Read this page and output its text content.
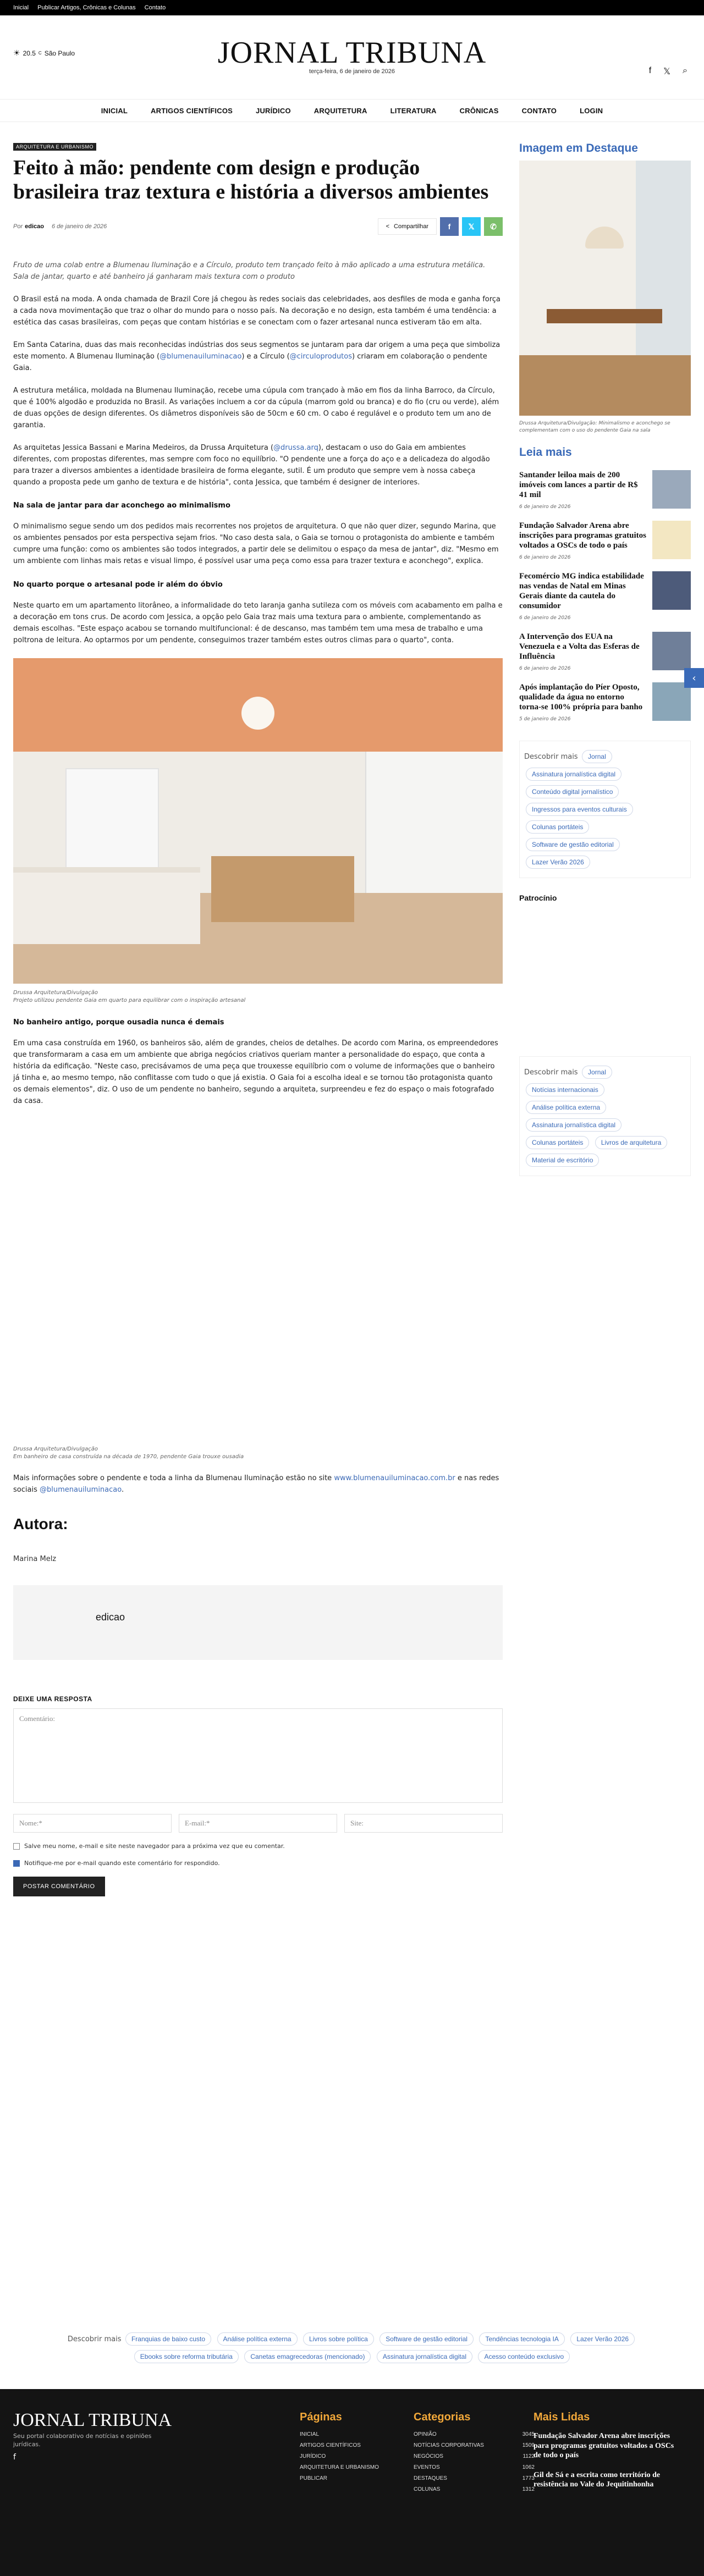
Inicial Publicar Artigos, Crônicas e Colunas Contato
☀ 20.5 C São Paulo	JORNAL TRIBUNA
f 𝕏 ⌕
terça-feira, 6 de janeiro de 2026
INICIAL	ARTIGOS CIENTÍFICOS	JURÍDICO	ARQUITETURA	LITERATURA	CRÔNICAS	CONTATO	LOGIN
ARQUITETURA E URBANISMO
Feito à mão: pendente com design e produção brasileira traz textura e história a diversos ambientes
Por edicao 6 de janeiro de 2026	< Compartilhar	f	𝕏	✆

Fruto de uma colab entre a Blumenau Iluminação e a Círculo, produto tem trançado feito à mão aplicado a uma estrutura metálica. Sala de jantar, quarto e até banheiro já ganharam mais textura com o produto

O Brasil está na moda. A onda chamada de Brazil Core já chegou às redes sociais das celebridades, aos desfiles de moda e ganha força a cada nova movimentação que traz o olhar do mundo para o nosso país. Na decoração e no design, esta também é uma tendência: a estética das casas brasileiras, com peças que contam histórias e se conectam com o fazer artesanal nunca estiveram tão em alta.

Em Santa Catarina, duas das mais reconhecidas indústrias dos seus segmentos se juntaram para dar origem a uma peça que simboliza este momento. A Blumenau Iluminação (@blumenauiluminacao) e a Círculo (@circuloprodutos) criaram em colaboração o pendente Gaia.

A estrutura metálica, moldada na Blumenau Iluminação, recebe uma cúpula com trançado à mão em fios da linha Barroco, da Círculo, que é 100% algodão e produzida no Brasil. As variações incluem a cor da cúpula (marrom gold ou branca) e do fio (cru ou verde), além de duas opções de design diferentes. Os diâmetros disponíveis são de 50cm e 60 cm. O cabo é regulável e o produto tem um ano de garantia.

As arquitetas Jessica Bassani e Marina Medeiros, da Drussa Arquitetura (@drussa.arq), destacam o uso do Gaia em ambientes diferentes, com propostas diferentes, mas sempre com foco no equilíbrio. "O pendente une a força do aço e a delicadeza do algodão para trazer a diversos ambientes a identidade brasileira de forma elegante, sutil. É um produto que sempre vem à nossa cabeça quando a proposta pede um ganho de textura e de história", conta Jessica, que também é designer de interiores.

Na sala de jantar para dar aconchego ao minimalismo

O minimalismo segue sendo um dos pedidos mais recorrentes nos projetos de arquitetura. O que não quer dizer, segundo Marina, que os ambientes pensados por esta perspectiva sejam frios. "No caso desta sala, o Gaia se tornou o protagonista do ambiente e também cumpre uma função: como os ambientes são todos integrados, a partir dele se delimitou o espaço da mesa de jantar", diz. "Mesmo em um ambiente com linhas mais retas e visual limpo, é possível usar uma peça como essa para trazer textura e aconchego", explica.

No quarto porque o artesanal pode ir além do óbvio

Neste quarto em um apartamento litorâneo, a informalidade do teto laranja ganha sutileza com os móveis com acabamento em palha e a decoração em tons crus. De acordo com Jessica, a opção pelo Gaia traz mais uma textura para o ambiente, complementando as demais escolhas. "Este espaço acabou se tornando multifuncional: é de descanso, mas também tem uma mesa de trabalho e uma poltrona de leitura. Ao optarmos por um pendente, conseguimos trazer também estes outros climas para o quarto", conta.

Drussa Arquitetura/Divulgação
Projeto utilizou pendente Gaia em quarto para equilibrar com o inspiração artesanal

No banheiro antigo, porque ousadia nunca é demais

Em uma casa construída em 1960, os banheiros são, além de grandes, cheios de detalhes. De acordo com Marina, os empreendedores que transformaram a casa em um ambiente que abriga negócios criativos queriam manter a personalidade do espaço, que conta a história da edificação. "Neste caso, precisávamos de uma peça que trouxesse equilíbrio com o volume de informações que o banheiro já tinha e, ao mesmo tempo, não conflitasse com tudo o que já existia. O Gaia foi a escolha ideal e se tornou tão protagonista quanto os demais elementos", diz. O uso de um pendente no banheiro, segundo a arquiteta, surpreendeu e fez do espaço o mais fotografado da casa.

Drussa Arquitetura/Divulgação
Em banheiro de casa construída na década de 1970, pendente Gaia trouxe ousadia

Mais informações sobre o pendente e toda a linha da Blumenau Iluminação estão no site www.blumenauiluminacao.com.br e nas redes sociais @blumenauiluminacao.

Autora:

Marina Melz

edicao

DEIXE UMA RESPOSTA

Comentário:
Nome:*	E-mail:*	Site:
Salve meu nome, e-mail e site neste navegador para a próxima vez que eu comentar.
Notifique-me por e-mail quando este comentário for respondido.
POSTAR COMENTÁRIO
Imagem em Destaque

Drussa Arquitetura/Divulgação: Minimalismo e aconchego se complementam com o uso do pendente Gaia na sala

Leia mais
Santander leiloa mais de 200 imóveis com lances a partir de R$ 41 mil
6 de janeiro de 2026
Fundação Salvador Arena abre inscrições para programas gratuitos voltados a OSCs de todo o país
6 de janeiro de 2026
Fecomércio MG indica estabilidade nas vendas de Natal em Minas Gerais diante da cautela do consumidor
6 de janeiro de 2026
A Intervenção dos EUA na Venezuela e a Volta das Esferas de Influência
6 de janeiro de 2026
Após implantação do Píer Oposto, qualidade da água no entorno torna-se 100% própria para banho
5 de janeiro de 2026
Descobrir mais Jornal Assinatura jornalística digital Conteúdo digital jornalístico Ingressos para eventos culturais Colunas portáteis Software de gestão editorial Lazer Verão 2026

Patrocínio

Descobrir mais Jornal Notícias internacionais Análise política externa Assinatura jornalística digital Colunas portáteis	Livros de arquitetura Material de escritório
‹
Descobrir mais Franquias de baixo custo	Análise política externa	Livros sobre política	Software de gestão editorial	Tendências tecnologia IA	Lazer Verão 2026 Ebooks sobre reforma tributária	Canetas emagrecedoras (mencionado)	Assinatura jornalística digital	Acesso conteúdo exclusivo
JORNAL TRIBUNA
Seu portal colaborativo de notícias e opiniões jurídicas.
f
Páginas
INICIAL
ARTIGOS CIENTÍFICOS
JURÍDICO
ARQUITETURA E URBANISMO
PUBLICAR
Categorias
OPINIÃO	3045
NOTÍCIAS CORPORATIVAS	1509
NEGÓCIOS	1122
EVENTOS	1062
DESTAQUES	1773
COLUNAS	1312
Mais Lidas
Fundação Salvador Arena abre inscrições para programas gratuitos voltados a OSCs de todo o país
Gil de Sá e a escrita como território de resistência no Vale do Jequitinhonha
